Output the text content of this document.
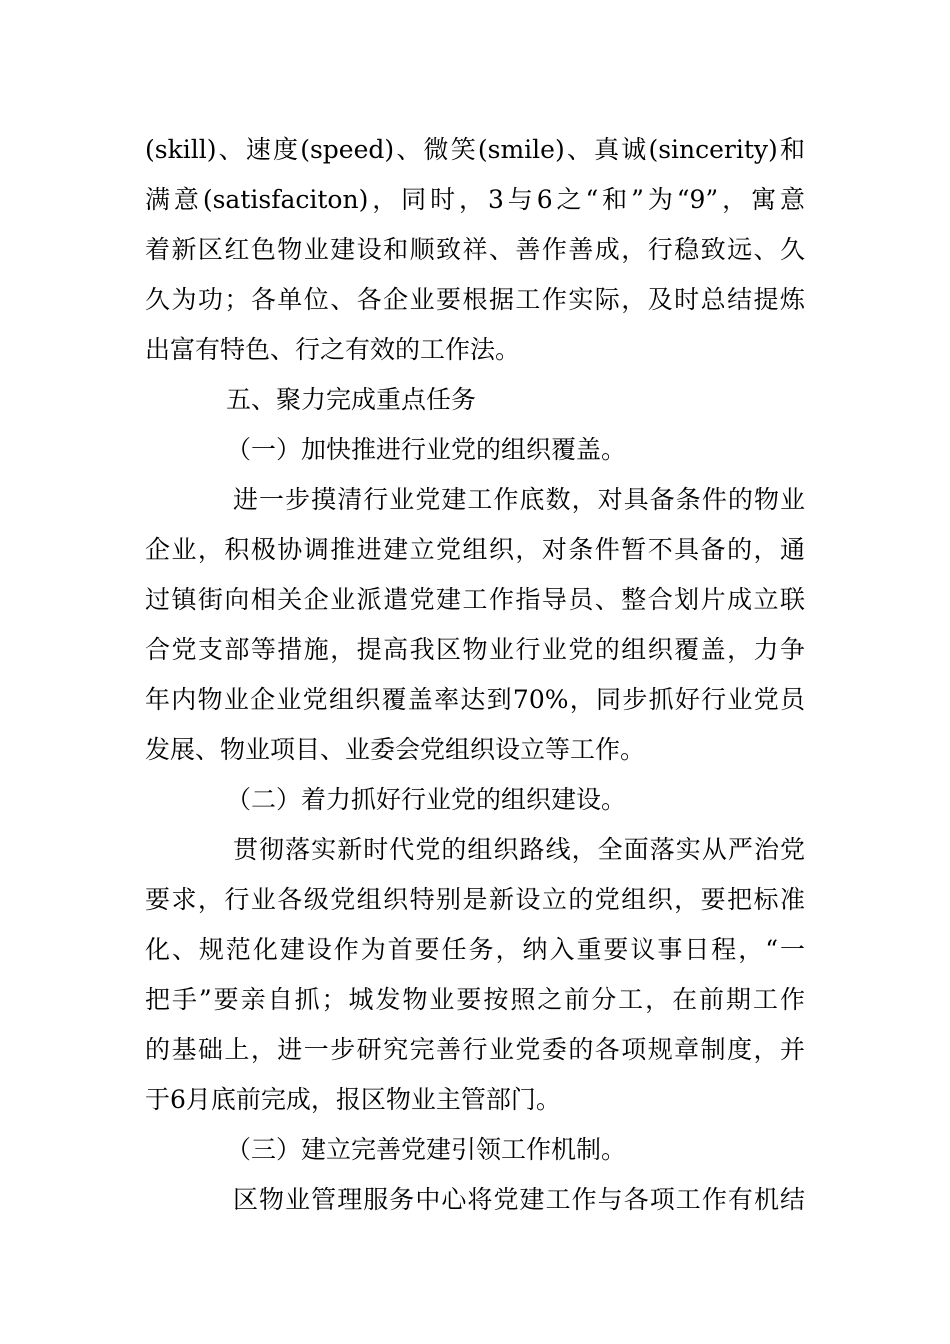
(skill)、速度(speed)、微笑(smile)、真诚(sincerity)和
满意(satisfaciton)，同时，3与6之“和”为“9”，寓意
着新区红色物业建设和顺致祥、善作善成，行稳致远、久
久为功；各单位、各企业要根据工作实际，及时总结提炼
出富有特色、行之有效的工作法。
五、聚力完成重点任务
（一）加快推进行业党的组织覆盖。
进一步摸清行业党建工作底数，对具备条件的物业
企业，积极协调推进建立党组织，对条件暂不具备的，通
过镇街向相关企业派遣党建工作指导员、整合划片成立联
合党支部等措施，提高我区物业行业党的组织覆盖，力争
年内物业企业党组织覆盖率达到70%，同步抓好行业党员
发展、物业项目、业委会党组织设立等工作。
（二）着力抓好行业党的组织建设。
贯彻落实新时代党的组织路线，全面落实从严治党
要求，行业各级党组织特别是新设立的党组织，要把标准
化、规范化建设作为首要任务，纳入重要议事日程，“一
把手”要亲自抓；城发物业要按照之前分工，在前期工作
的基础上，进一步研究完善行业党委的各项规章制度，并
于6月底前完成，报区物业主管部门。
（三）建立完善党建引领工作机制。
区物业管理服务中心将党建工作与各项工作有机结
